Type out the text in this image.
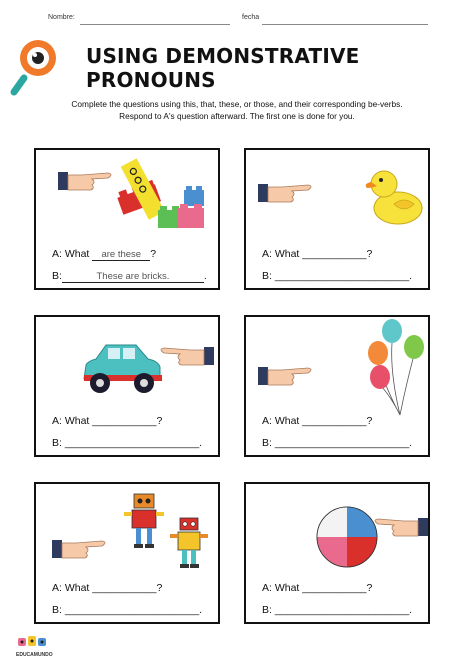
Nombre:	fecha
USING DEMONSTRATIVE PRONOUNS
Complete the questions using this, that, these, or those, and their corresponding be-verbs.
Respond to A's question afterward. The first one is done for you.
A: What are these ?
B:	These are bricks.	.
A: What ___________?
B: _______________________.
A: What ___________?
B: _______________________.
A: What ___________?
B: _______________________.
A: What ___________?
B: _______________________.
A: What ___________?
B: _______________________.
EDUCAMUNDO
